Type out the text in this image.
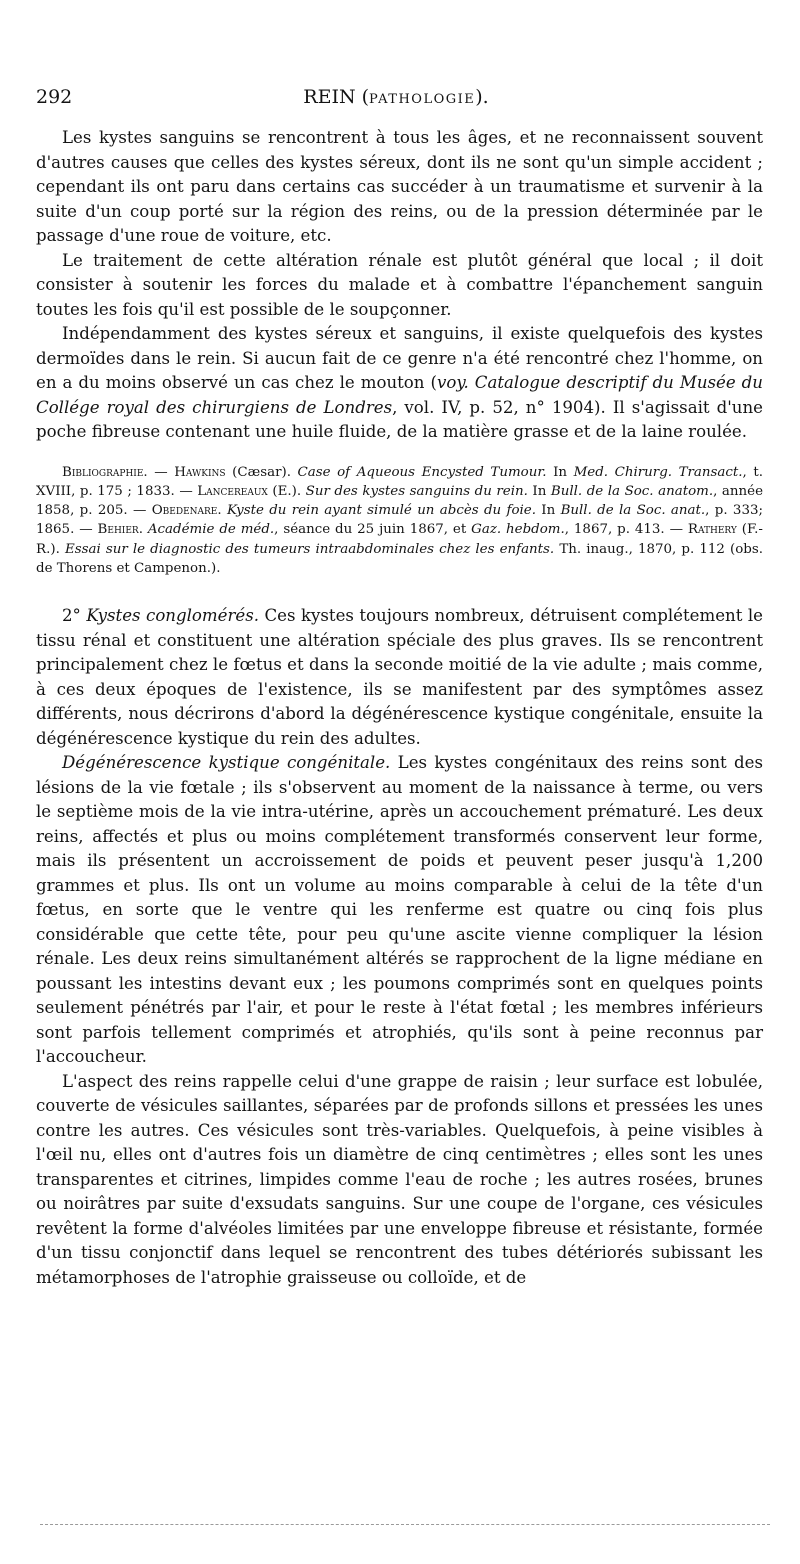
292	REIN (PATHOLOGIE).

Les kystes sanguins se rencontrent à tous les âges, et ne reconnaissent souvent d'autres causes que celles des kystes séreux, dont ils ne sont qu'un simple accident ; cependant ils ont paru dans certains cas succéder à un traumatisme et survenir à la suite d'un coup porté sur la région des reins, ou de la pression déterminée par le passage d'une roue de voiture, etc.

Le traitement de cette altération rénale est plutôt général que local ; il doit consister à soutenir les forces du malade et à combattre l'épanchement sanguin toutes les fois qu'il est possible de le soupçonner.

Indépendamment des kystes séreux et sanguins, il existe quelquefois des kystes dermoïdes dans le rein. Si aucun fait de ce genre n'a été rencontré chez l'homme, on en a du moins observé un cas chez le mouton (voy. Catalogue descriptif du Musée du Collége royal des chirurgiens de Londres, vol. IV, p. 52, n° 1904). Il s'agissait d'une poche fibreuse contenant une huile fluide, de la matière grasse et de la laine roulée.

Bibliographie. — Hawkins (Cæsar). Case of Aqueous Encysted Tumour. In Med. Chirurg. Transact., t. XVIII, p. 175 ; 1833. — Lancereaux (E.). Sur des kystes sanguins du rein. In Bull. de la Soc. anatom., année 1858, p. 205. — Obedenare. Kyste du rein ayant simulé un abcès du foie. In Bull. de la Soc. anat., p. 333; 1865. — Behier. Académie de méd., séance du 25 juin 1867, et Gaz. hebdom., 1867, p. 413. — Rathery (F.-R.). Essai sur le diagnostic des tumeurs intraabdominales chez les enfants. Th. inaug., 1870, p. 112 (obs. de Thorens et Campenon.).

2° Kystes conglomérés. Ces kystes toujours nombreux, détruisent complétement le tissu rénal et constituent une altération spéciale des plus graves. Ils se rencontrent principalement chez le fœtus et dans la seconde moitié de la vie adulte ; mais comme, à ces deux époques de l'existence, ils se manifestent par des symptômes assez différents, nous décrirons d'abord la dégénérescence kystique congénitale, ensuite la dégénérescence kystique du rein des adultes.

Dégénérescence kystique congénitale. Les kystes congénitaux des reins sont des lésions de la vie fœtale ; ils s'observent au moment de la naissance à terme, ou vers le septième mois de la vie intra-utérine, après un accouchement prématuré. Les deux reins, affectés et plus ou moins complétement transformés conservent leur forme, mais ils présentent un accroissement de poids et peuvent peser jusqu'à 1,200 grammes et plus. Ils ont un volume au moins comparable à celui de la tête d'un fœtus, en sorte que le ventre qui les renferme est quatre ou cinq fois plus considérable que cette tête, pour peu qu'une ascite vienne compliquer la lésion rénale. Les deux reins simultanément altérés se rapprochent de la ligne médiane en poussant les intestins devant eux ; les poumons comprimés sont en quelques points seulement pénétrés par l'air, et pour le reste à l'état fœtal ; les membres inférieurs sont parfois tellement comprimés et atrophiés, qu'ils sont à peine reconnus par l'accoucheur.

L'aspect des reins rappelle celui d'une grappe de raisin ; leur surface est lobulée, couverte de vésicules saillantes, séparées par de profonds sillons et pressées les unes contre les autres. Ces vésicules sont très-variables. Quelquefois, à peine visibles à l'œil nu, elles ont d'autres fois un diamètre de cinq centimètres ; elles sont les unes transparentes et citrines, limpides comme l'eau de roche ; les autres rosées, brunes ou noirâtres par suite d'exsudats sanguins. Sur une coupe de l'organe, ces vésicules revêtent la forme d'alvéoles limitées par une enveloppe fibreuse et résistante, formée d'un tissu conjonctif dans lequel se rencontrent des tubes détériorés subissant les métamorphoses de l'atrophie graisseuse ou colloïde, et de
